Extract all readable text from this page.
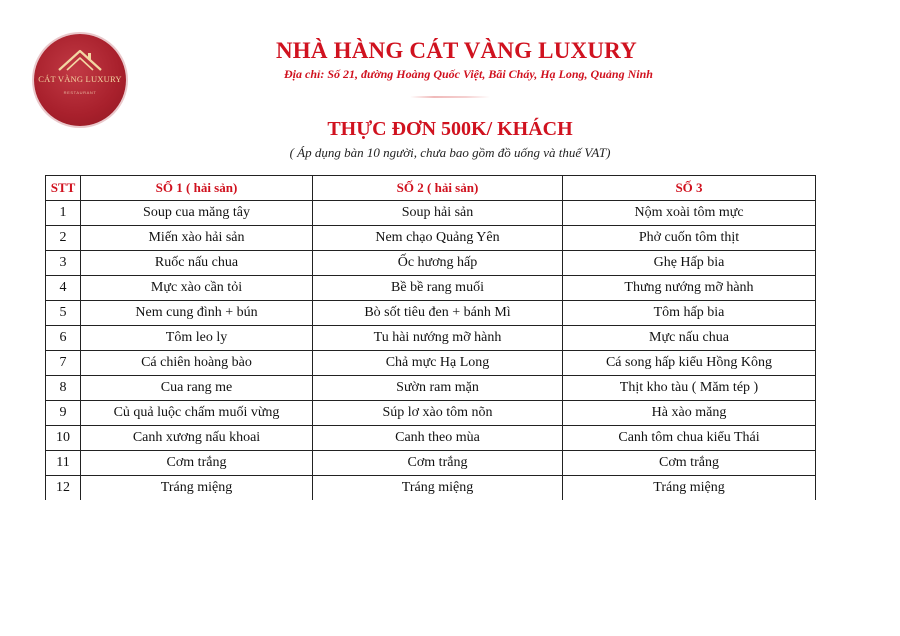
CÁT VÀNG LUXURY
RESTAURANT
NHÀ HÀNG CÁT VÀNG LUXURY
Địa chỉ: Số 21, đường Hoàng Quốc Việt, Bãi Cháy, Hạ Long, Quảng Ninh
THỰC ĐƠN 500K/ KHÁCH
( Áp dụng bàn 10 người, chưa bao gồm đồ uống và thuế VAT)
STT	SỐ 1 ( hải sản)	SỐ 2 ( hải sản)	SỐ 3
1	Soup cua măng tây	Soup hải sản	Nộm xoài tôm mực
2	Miến xào hải sản	Nem chạo Quảng Yên	Phở cuốn tôm thịt
3	Ruốc nấu chua	Ốc hương hấp	Ghẹ Hấp bia
4	Mực xào cần tỏi	Bề bề rang muối	Thưng nướng mỡ hành
5	Nem cung đình + bún	Bò sốt tiêu đen + bánh Mì	Tôm hấp bia
6	Tôm leo ly	Tu hài nướng mỡ hành	Mực nấu chua
7	Cá chiên hoàng bào	Chả mực Hạ Long	Cá song hấp kiểu Hồng Kông
8	Cua rang me	Sườn ram mặn	Thịt kho tàu ( Măm tép )
9	Củ quả luộc chấm muối vừng	Súp lơ xào tôm nõn	Hà xào măng
10	Canh xương nấu khoai	Canh theo mùa	Canh tôm chua kiểu Thái
11	Cơm trắng	Cơm trắng	Cơm trắng
12	Tráng miệng	Tráng miệng	Tráng miệng
